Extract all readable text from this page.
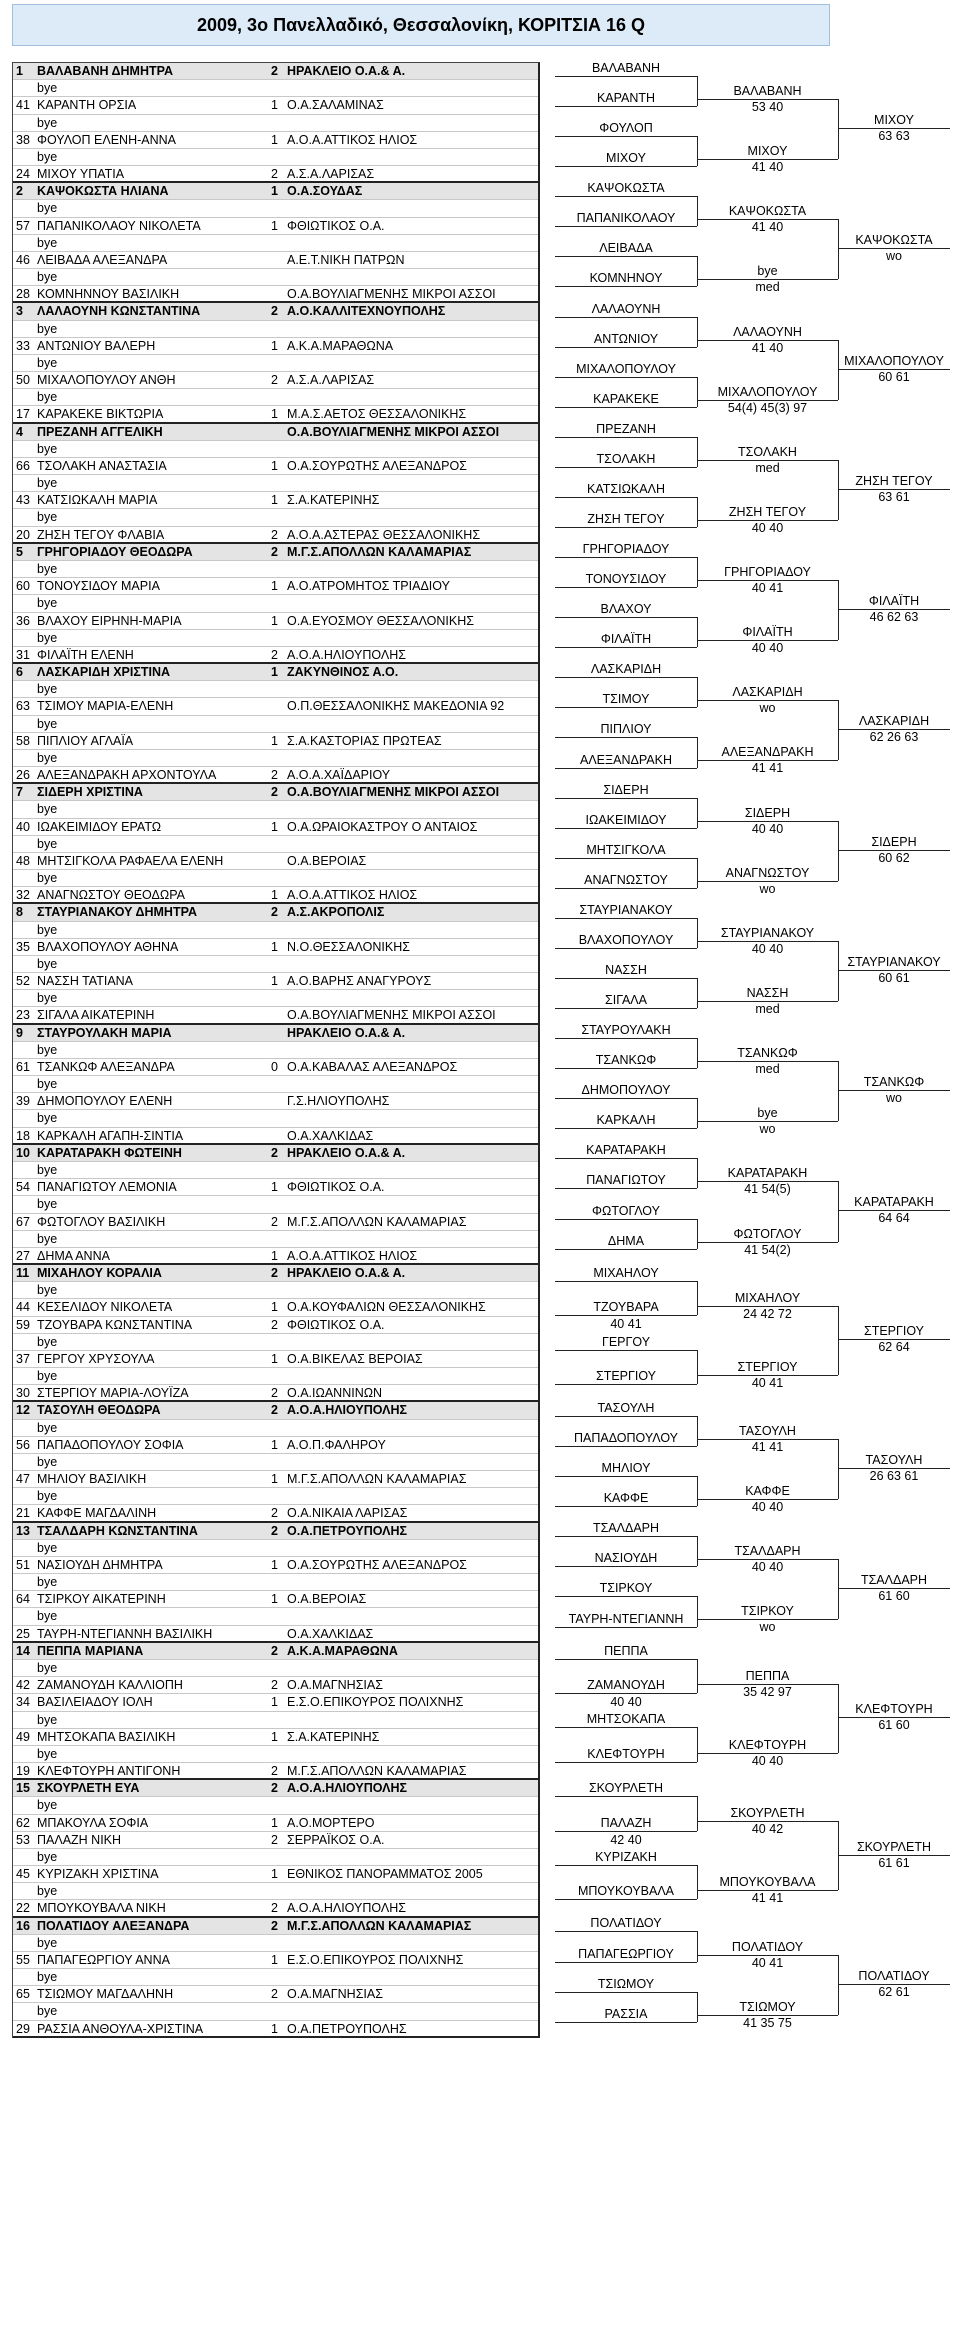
2009, 3ο Πανελλαδικό, Θεσσαλονίκη, ΚΟΡΙΤΣΙΑ 16 Q
1	ΒΑΛΑΒΑΝΗ ΔΗΜΗΤΡΑ	2 ΗΡΑΚΛΕΙΟ Ο.Α.& Α.
bye
41 ΚΑΡΑΝΤΗ ΟΡΣΙΑ	1 Ο.Α.ΣΑΛΑΜΙΝΑΣ
bye
38 ΦΟΥΛΟΠ ΕΛΕΝΗ-ΑΝΝΑ	1 Α.Ο.Α.ΑΤΤΙΚΟΣ ΗΛΙΟΣ
bye
24 ΜΙΧΟΥ ΥΠΑΤΙΑ	2 Α.Σ.Α.ΛΑΡΙΣΑΣ
2	ΚΑΨΟΚΩΣΤΑ ΗΛΙΑΝΑ	1 Ο.Α.ΣΟΥΔΑΣ
bye
57 ΠΑΠΑΝΙΚΟΛΑΟΥ ΝΙΚΟΛΕΤΑ	1 ΦΘΙΩΤΙΚΟΣ Ο.Α.
bye
46 ΛΕΙΒΑΔΑ ΑΛΕΞΑΝΔΡΑ	Α.Ε.Τ.ΝΙΚΗ ΠΑΤΡΩΝ
bye
28 ΚΟΜΝΗΝΝΟΥ ΒΑΣΙΛΙΚΗ	Ο.Α.ΒΟΥΛΙΑΓΜΕΝΗΣ ΜΙΚΡΟΙ ΑΣΣΟΙ
3	ΛΑΛΑΟΥΝΗ ΚΩΝΣΤΑΝΤΙΝΑ	2 Α.Ο.ΚΑΛΛΙΤΕΧΝΟΥΠΟΛΗΣ
bye
33 ΑΝΤΩΝΙΟΥ ΒΑΛΕΡΗ	1 Α.Κ.Α.ΜΑΡΑΘΩΝΑ
bye
50 ΜΙΧΑΛΟΠΟΥΛΟΥ ΑΝΘΗ	2 Α.Σ.Α.ΛΑΡΙΣΑΣ
bye
17 ΚΑΡΑΚΕΚΕ ΒΙΚΤΩΡΙΑ	1 Μ.Α.Σ.ΑΕΤΟΣ ΘΕΣΣΑΛΟΝΙΚΗΣ
4	ΠΡΕΖΑΝΗ ΑΓΓΕΛΙΚΗ	Ο.Α.ΒΟΥΛΙΑΓΜΕΝΗΣ ΜΙΚΡΟΙ ΑΣΣΟΙ
bye
66 ΤΣΟΛΑΚΗ ΑΝΑΣΤΑΣΙΑ	1 Ο.Α.ΣΟΥΡΩΤΗΣ ΑΛΕΞΑΝΔΡΟΣ
bye
43 ΚΑΤΣΙΩΚΑΛΗ ΜΑΡΙΑ	1 Σ.Α.ΚΑΤΕΡΙΝΗΣ
bye
20 ΖΗΣΗ ΤΕΓΟΥ ΦΛΑΒΙΑ	2 Α.Ο.Α.ΑΣΤΕΡΑΣ ΘΕΣΣΑΛΟΝΙΚΗΣ
5	ΓΡΗΓΟΡΙΑΔΟΥ ΘΕΟΔΩΡΑ	2 Μ.Γ.Σ.ΑΠΟΛΛΩΝ ΚΑΛΑΜΑΡΙΑΣ
bye
60 ΤΟΝΟΥΣΙΔΟΥ ΜΑΡΙΑ	1 Α.Ο.ΑΤΡΟΜΗΤΟΣ ΤΡΙΑΔΙΟΥ
bye
36 ΒΛΑΧΟΥ ΕΙΡΗΝΗ-ΜΑΡΙΑ	1 Ο.Α.ΕΥΟΣΜΟΥ ΘΕΣΣΑΛΟΝΙΚΗΣ
bye
31 ΦΙΛΑΪΤΗ ΕΛΕΝΗ	2 Α.Ο.Α.ΗΛΙΟΥΠΟΛΗΣ
6	ΛΑΣΚΑΡΙΔΗ ΧΡΙΣΤΙΝΑ	1 ΖΑΚΥΝΘΙΝΟΣ Α.Ο.
bye
63 ΤΣΙΜΟΥ ΜΑΡΙΑ-ΕΛΕΝΗ	Ο.Π.ΘΕΣΣΑΛΟΝΙΚΗΣ ΜΑΚΕΔΟΝΙΑ 92
bye
58 ΠΙΠΛΙΟΥ ΑΓΛΑΪΑ	1 Σ.Α.ΚΑΣΤΟΡΙΑΣ ΠΡΩΤΕΑΣ
bye
26 ΑΛΕΞΑΝΔΡΑΚΗ ΑΡΧΟΝΤΟΥΛΑ	2 Α.Ο.Α.ΧΑΪΔΑΡΙΟΥ
7	ΣΙΔΕΡΗ ΧΡΙΣΤΙΝΑ	2 Ο.Α.ΒΟΥΛΙΑΓΜΕΝΗΣ ΜΙΚΡΟΙ ΑΣΣΟΙ
bye
40 ΙΩΑΚΕΙΜΙΔΟΥ ΕΡΑΤΩ	1 Ο.Α.ΩΡΑΙΟΚΑΣΤΡΟΥ Ο ΑΝΤΑΙΟΣ
bye
48 ΜΗΤΣΙΓΚΟΛΑ ΡΑΦΑΕΛΑ ΕΛΕΝΗ	Ο.Α.ΒΕΡΟΙΑΣ
bye
32 ΑΝΑΓΝΩΣΤΟΥ ΘΕΟΔΩΡΑ	1 Α.Ο.Α.ΑΤΤΙΚΟΣ ΗΛΙΟΣ
8	ΣΤΑΥΡΙΑΝΑΚΟΥ ΔΗΜΗΤΡΑ	2 Α.Σ.ΑΚΡΟΠΟΛΙΣ
bye
35 ΒΛΑΧΟΠΟΥΛΟΥ ΑΘΗΝΑ	1 Ν.Ο.ΘΕΣΣΑΛΟΝΙΚΗΣ
bye
52 ΝΑΣΣΗ ΤΑΤΙΑΝΑ	1 Α.Ο.ΒΑΡΗΣ ΑΝΑΓΥΡΟΥΣ
bye
23 ΣΙΓΑΛΑ ΑΙΚΑΤΕΡΙΝΗ	Ο.Α.ΒΟΥΛΙΑΓΜΕΝΗΣ ΜΙΚΡΟΙ ΑΣΣΟΙ
9	ΣΤΑΥΡΟΥΛΑΚΗ ΜΑΡΙΑ	ΗΡΑΚΛΕΙΟ Ο.Α.& Α.
bye
61 ΤΣΑΝΚΩΦ ΑΛΕΞΑΝΔΡΑ	0 Ο.Α.ΚΑΒΑΛΑΣ ΑΛΕΞΑΝΔΡΟΣ
bye
39 ΔΗΜΟΠΟΥΛΟΥ ΕΛΕΝΗ	Γ.Σ.ΗΛΙΟΥΠΟΛΗΣ
bye
18 ΚΑΡΚΑΛΗ ΑΓΑΠΗ-ΣΙΝΤΙΑ	Ο.Α.ΧΑΛΚΙΔΑΣ
10 ΚΑΡΑΤΑΡΑΚΗ ΦΩΤΕΙΝΗ	2 ΗΡΑΚΛΕΙΟ Ο.Α.& Α.
bye
54 ΠΑΝΑΓΙΩΤΟΥ ΛΕΜΟΝΙΑ	1 ΦΘΙΩΤΙΚΟΣ Ο.Α.
bye
67 ΦΩΤΟΓΛΟΥ ΒΑΣΙΛΙΚΗ	2 Μ.Γ.Σ.ΑΠΟΛΛΩΝ ΚΑΛΑΜΑΡΙΑΣ
bye
27 ΔΗΜΑ ΑΝΝΑ	1 Α.Ο.Α.ΑΤΤΙΚΟΣ ΗΛΙΟΣ
11 ΜΙΧΑΗΛΟΥ ΚΟΡΑΛΙΑ	2 ΗΡΑΚΛΕΙΟ Ο.Α.& Α.
bye
44 ΚΕΣΕΛΙΔΟΥ ΝΙΚΟΛΕΤΑ	1 Ο.Α.ΚΟΥΦΑΛΙΩΝ ΘΕΣΣΑΛΟΝΙΚΗΣ
59 ΤΖΟΥΒΑΡΑ ΚΩΝΣΤΑΝΤΙΝΑ	2 ΦΘΙΩΤΙΚΟΣ Ο.Α.
bye
37 ΓΕΡΓΟΥ ΧΡΥΣΟΥΛΑ	1 Ο.Α.ΒΙΚΕΛΑΣ ΒΕΡΟΙΑΣ
bye
30 ΣΤΕΡΓΙΟΥ ΜΑΡΙΑ-ΛΟΥΪΖΑ	2 Ο.Α.ΙΩΑΝΝΙΝΩΝ
12 ΤΑΣΟΥΛΗ ΘΕΟΔΩΡΑ	2 Α.Ο.Α.ΗΛΙΟΥΠΟΛΗΣ
bye
56 ΠΑΠΑΔΟΠΟΥΛΟΥ ΣΟΦΙΑ	1 Α.Ο.Π.ΦΑΛΗΡΟΥ
bye
47 ΜΗΛΙΟΥ ΒΑΣΙΛΙΚΗ	1 Μ.Γ.Σ.ΑΠΟΛΛΩΝ ΚΑΛΑΜΑΡΙΑΣ
bye
21 ΚΑΦΦΕ ΜΑΓΔΑΛΙΝΗ	2 Ο.Α.ΝΙΚΑΙΑ ΛΑΡΙΣΑΣ
13 ΤΣΑΛΔΑΡΗ ΚΩΝΣΤΑΝΤΙΝΑ	2 Ο.Α.ΠΕΤΡΟΥΠΟΛΗΣ
bye
51 ΝΑΣΙΟΥΔΗ ΔΗΜΗΤΡΑ	1 Ο.Α.ΣΟΥΡΩΤΗΣ ΑΛΕΞΑΝΔΡΟΣ
bye
64 ΤΣΙΡΚΟΥ ΑΙΚΑΤΕΡΙΝΗ	1 Ο.Α.ΒΕΡΟΙΑΣ
bye
25 ΤΑΥΡΗ-ΝΤΕΓΙΑΝΝΗ ΒΑΣΙΛΙΚΗ	Ο.Α.ΧΑΛΚΙΔΑΣ
14 ΠΕΠΠΑ ΜΑΡΙΑΝΑ	2 Α.Κ.Α.ΜΑΡΑΘΩΝΑ
bye
42 ΖΑΜΑΝΟΥΔΗ ΚΑΛΛΙΟΠΗ	2 Ο.Α.ΜΑΓΝΗΣΙΑΣ
34 ΒΑΣΙΛΕΙΑΔΟΥ ΙΟΛΗ	1 Ε.Σ.Ο.ΕΠΙΚΟΥΡΟΣ ΠΟΛΙΧΝΗΣ
bye
49 ΜΗΤΣΟΚΑΠΑ ΒΑΣΙΛΙΚΗ	1 Σ.Α.ΚΑΤΕΡΙΝΗΣ
bye
19 ΚΛΕΦΤΟΥΡΗ ΑΝΤΙΓΟΝΗ	2 Μ.Γ.Σ.ΑΠΟΛΛΩΝ ΚΑΛΑΜΑΡΙΑΣ
15 ΣΚΟΥΡΛΕΤΗ ΕΥΑ	2 Α.Ο.Α.ΗΛΙΟΥΠΟΛΗΣ
bye
62 ΜΠΑΚΟΥΛΑ ΣΟΦΙΑ	1 Α.Ο.ΜΟΡΤΕΡΟ
53 ΠΑΛΑΖΗ ΝΙΚΗ	2 ΣΕΡΡΑΪΚΟΣ Ο.Α.
bye
45 ΚΥΡΙΖΑΚΗ ΧΡΙΣΤΙΝΑ	1 ΕΘΝΙΚΟΣ ΠΑΝΟΡΑΜΜΑΤΟΣ 2005
bye
22 ΜΠΟΥΚΟΥΒΑΛΑ ΝΙΚΗ	2 Α.Ο.Α.ΗΛΙΟΥΠΟΛΗΣ
16 ΠΟΛΑΤΙΔΟΥ ΑΛΕΞΑΝΔΡΑ	2 Μ.Γ.Σ.ΑΠΟΛΛΩΝ ΚΑΛΑΜΑΡΙΑΣ
bye
55 ΠΑΠΑΓΕΩΡΓΙΟΥ ΑΝΝΑ	1 Ε.Σ.Ο.ΕΠΙΚΟΥΡΟΣ ΠΟΛΙΧΝΗΣ
bye
65 ΤΣΙΩΜΟΥ ΜΑΓΔΑΛΗΝΗ	2 Ο.Α.ΜΑΓΝΗΣΙΑΣ
bye
29 ΡΑΣΣΙΑ ΑΝΘΟΥΛΑ-ΧΡΙΣΤΙΝΑ	1 Ο.Α.ΠΕΤΡΟΥΠΟΛΗΣ
ΒΑΛΑΒΑΝΗ
ΚΑΡΑΝΤΗ
ΦΟΥΛΟΠ
ΜΙΧΟΥ
ΒΑΛΑΒΑΝΗ
53 40
ΜΙΧΟΥ
41 40
ΜΙΧΟΥ
63 63
ΚΑΨΟΚΩΣΤΑ
ΠΑΠΑΝΙΚΟΛΑΟΥ
ΛΕΙΒΑΔΑ
ΚΟΜΝΗΝΟΥ
ΚΑΨΟΚΩΣΤΑ
41 40
bye
med
ΚΑΨΟΚΩΣΤΑ
wo
ΛΑΛΑΟΥΝΗ
ΑΝΤΩΝΙΟΥ
ΜΙΧΑΛΟΠΟΥΛΟΥ
ΚΑΡΑΚΕΚΕ
ΛΑΛΑΟΥΝΗ
41 40
ΜΙΧΑΛΟΠΟΥΛΟΥ
54(4) 45(3) 97
ΜΙΧΑΛΟΠΟΥΛΟΥ
60 61
ΠΡΕΖΑΝΗ
ΤΣΟΛΑΚΗ
ΚΑΤΣΙΩΚΑΛΗ
ΖΗΣΗ ΤΕΓΟΥ
ΤΣΟΛΑΚΗ
med
ΖΗΣΗ ΤΕΓΟΥ
40 40
ΖΗΣΗ ΤΕΓΟΥ
63 61
ΓΡΗΓΟΡΙΑΔΟΥ
ΤΟΝΟΥΣΙΔΟΥ
ΒΛΑΧΟΥ
ΦΙΛΑΪΤΗ
ΓΡΗΓΟΡΙΑΔΟΥ
40 41
ΦΙΛΑΪΤΗ
40 40
ΦΙΛΑΪΤΗ
46 62 63
ΛΑΣΚΑΡΙΔΗ
ΤΣΙΜΟΥ
ΠΙΠΛΙΟΥ
ΑΛΕΞΑΝΔΡΑΚΗ
ΛΑΣΚΑΡΙΔΗ
wo
ΑΛΕΞΑΝΔΡΑΚΗ
41 41
ΛΑΣΚΑΡΙΔΗ
62 26 63
ΣΙΔΕΡΗ
ΙΩΑΚΕΙΜΙΔΟΥ
ΜΗΤΣΙΓΚΟΛΑ
ΑΝΑΓΝΩΣΤΟΥ
ΣΙΔΕΡΗ
40 40
ΑΝΑΓΝΩΣΤΟΥ
wo
ΣΙΔΕΡΗ
60 62
ΣΤΑΥΡΙΑΝΑΚΟΥ
ΒΛΑΧΟΠΟΥΛΟΥ
ΝΑΣΣΗ
ΣΙΓΑΛΑ
ΣΤΑΥΡΙΑΝΑΚΟΥ
40 40
ΝΑΣΣΗ
med
ΣΤΑΥΡΙΑΝΑΚΟΥ
60 61
ΣΤΑΥΡΟΥΛΑΚΗ
ΤΣΑΝΚΩΦ
ΔΗΜΟΠΟΥΛΟΥ
ΚΑΡΚΑΛΗ
ΤΣΑΝΚΩΦ
med
bye
wo
ΤΣΑΝΚΩΦ
wo
ΚΑΡΑΤΑΡΑΚΗ
ΠΑΝΑΓΙΩΤΟΥ
ΦΩΤΟΓΛΟΥ
ΔΗΜΑ
ΚΑΡΑΤΑΡΑΚΗ
41 54(5)
ΦΩΤΟΓΛΟΥ
41 54(2)
ΚΑΡΑΤΑΡΑΚΗ
64 64
ΜΙΧΑΗΛΟΥ
ΤΖΟΥΒΑΡΑ
ΓΕΡΓΟΥ
ΣΤΕΡΓΙΟΥ
40 41
ΜΙΧΑΗΛΟΥ
24 42 72
ΣΤΕΡΓΙΟΥ
40 41
ΣΤΕΡΓΙΟΥ
62 64
ΤΑΣΟΥΛΗ
ΠΑΠΑΔΟΠΟΥΛΟΥ
ΜΗΛΙΟΥ
ΚΑΦΦΕ
ΤΑΣΟΥΛΗ
41 41
ΚΑΦΦΕ
40 40
ΤΑΣΟΥΛΗ
26 63 61
ΤΣΑΛΔΑΡΗ
ΝΑΣΙΟΥΔΗ
ΤΣΙΡΚΟΥ
ΤΑΥΡΗ-ΝΤΕΓΙΑΝΝΗ
ΤΣΑΛΔΑΡΗ
40 40
ΤΣΙΡΚΟΥ
wo
ΤΣΑΛΔΑΡΗ
61 60
ΠΕΠΠΑ
ΖΑΜΑΝΟΥΔΗ
ΜΗΤΣΟΚΑΠΑ
ΚΛΕΦΤΟΥΡΗ
40 40
ΠΕΠΠΑ
35 42 97
ΚΛΕΦΤΟΥΡΗ
40 40
ΚΛΕΦΤΟΥΡΗ
61 60
ΣΚΟΥΡΛΕΤΗ
ΠΑΛΑΖΗ
ΚΥΡΙΖΑΚΗ
ΜΠΟΥΚΟΥΒΑΛΑ
42 40
ΣΚΟΥΡΛΕΤΗ
40 42
ΜΠΟΥΚΟΥΒΑΛΑ
41 41
ΣΚΟΥΡΛΕΤΗ
61 61
ΠΟΛΑΤΙΔΟΥ
ΠΑΠΑΓΕΩΡΓΙΟΥ
ΤΣΙΩΜΟΥ
ΡΑΣΣΙΑ
ΠΟΛΑΤΙΔΟΥ
40 41
ΤΣΙΩΜΟΥ
41 35 75
ΠΟΛΑΤΙΔΟΥ
62 61
